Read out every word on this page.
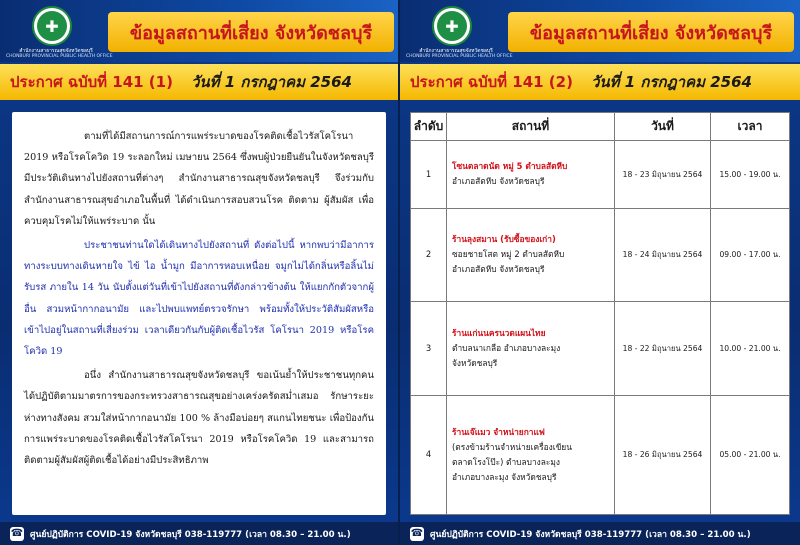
✚
สำนักงานสาธารณสุขจังหวัดชลบุรี
CHONBURI PROVINCIAL PUBLIC HEALTH OFFICE
ข้อมูลสถานที่เสี่ยง จังหวัดชลบุรี
ประกาศ ฉบับที่ 141 (1) วันที่ 1 กรกฎาคม 2564

ตามที่ได้มีสถานการณ์การแพร่ระบาดของโรคติดเชื้อไวรัสโคโรนา 2019 หรือโรคโควิด 19 ระลอกใหม่ เมษายน 2564 ซึ่งพบผู้ป่วยยืนยันในจังหวัดชลบุรี มีประวัติเดินทางไปยังสถานที่ต่างๆ สำนักงานสาธารณสุขจังหวัดชลบุรี จึงร่วมกับสำนักงานสาธารณสุขอำเภอในพื้นที่ ได้ดำเนินการสอบสวนโรค ติดตาม ผู้สัมผัส เพื่อควบคุมโรคไม่ให้แพร่ระบาด นั้น

ประชาชนท่านใดได้เดินทางไปยังสถานที่ ดังต่อไปนี้ หากพบว่ามีอาการทางระบบทางเดินหายใจ ไข้ ไอ น้ำมูก มีอาการหอบเหนื่อย จมูกไม่ได้กลิ่นหรือลิ้นไม่รับรส ภายใน 14 วัน นับตั้งแต่วันที่เข้าไปยังสถานที่ดังกล่าวข้างต้น ให้แยกกักตัวจากผู้อื่น สวมหน้ากากอนามัย และไปพบแพทย์ตรวจรักษา พร้อมทั้งให้ประวัติสัมผัสหรือเข้าไปอยู่ในสถานที่เสี่ยงร่วม เวลาเดียวกันกับผู้ติดเชื้อไวรัส โคโรนา 2019 หรือโรคโควิด 19

อนึ่ง สำนักงานสาธารณสุขจังหวัดชลบุรี ขอเน้นย้ำให้ประชาชนทุกคน ได้ปฏิบัติตามมาตรการของกระทรวงสาธารณสุขอย่างเคร่งครัดสม่ำเสมอ รักษาระยะห่างทางสังคม สวมใส่หน้ากากอนามัย 100 % ล้างมือบ่อยๆ สแกนไทยชนะ เพื่อป้องกัน การแพร่ระบาดของโรคติดเชื้อไวรัสโคโรนา 2019 หรือโรคโควิด 19 และสามารถติดตามผู้สัมผัสผู้ติดเชื้อได้อย่างมีประสิทธิภาพ

☎ ศูนย์ปฏิบัติการ COVID-19 จังหวัดชลบุรี 038-119777 (เวลา 08.30 – 21.00 น.)
✚
สำนักงานสาธารณสุขจังหวัดชลบุรี
CHONBURI PROVINCIAL PUBLIC HEALTH OFFICE
ข้อมูลสถานที่เสี่ยง จังหวัดชลบุรี
ประกาศ ฉบับที่ 141 (2) วันที่ 1 กรกฎาคม 2564
ลำดับ	สถานที่	วันที่	เวลา
1	โซนตลาดนัด หมู่ 5 ตำบลสัตหีบ
อำเภอสัตหีบ จังหวัดชลบุรี	18 - 23 มิถุนายน 2564	15.00 - 19.00 น.
2	ร้านลุงสมาน (รับซื้อของเก่า)
ซอยชายโสต หมู่ 2 ตำบลสัตหีบ
อำเภอสัตหีบ จังหวัดชลบุรี	18 - 24 มิถุนายน 2564	09.00 - 17.00 น.
3	ร้านแก่นนครนวดแผนไทย
ตำบลนาเกลือ อำเภอบางละมุง
จังหวัดชลบุรี	18 - 22 มิถุนายน 2564	10.00 - 21.00 น.
4	ร้านเจ๊แมว จำหน่ายกาแฟ
(ตรงข้ามร้านจำหน่ายเครื่องเขียน
ตลาดโรงโป๊ะ) ตำบลบางละมุง
อำเภอบางละมุง จังหวัดชลบุรี	18 - 26 มิถุนายน 2564	05.00 - 21.00 น.
☎ ศูนย์ปฏิบัติการ COVID-19 จังหวัดชลบุรี 038-119777 (เวลา 08.30 – 21.00 น.)
